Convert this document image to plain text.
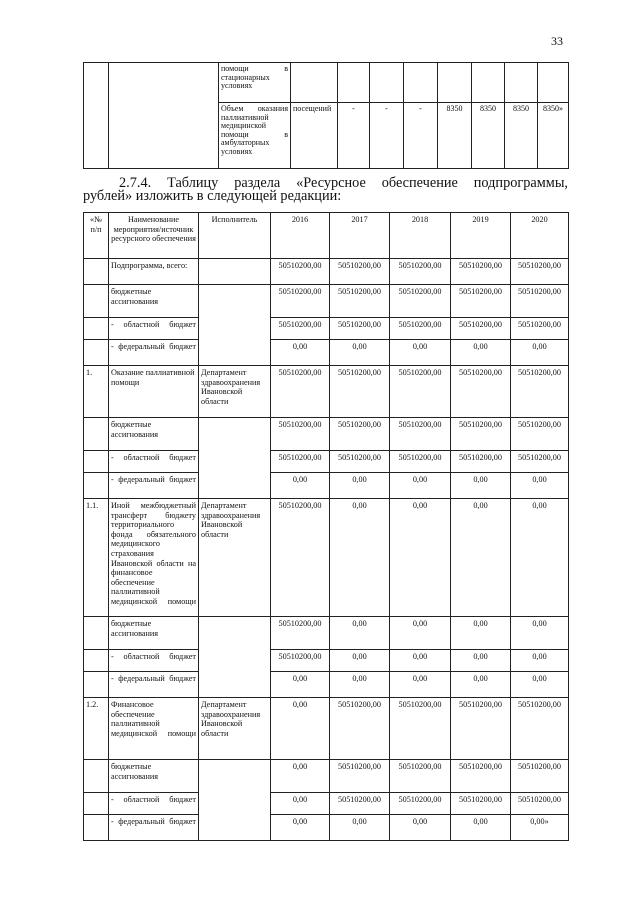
33
		помощи в стационарных условиях								
		Объем оказания паллиативной медицинской помощи в амбулаторных условиях	посещений	-	-	-	8350	8350	8350	8350»

2.7.4. Таблицу раздела «Ресурсное обеспечение подпрограммы,

рублей» изложить в следующей редакции:

«№ п/п	Наименование мероприятия/источник ресурсного обеспечения	Исполнитель	2016	2017	2018	2019	2020
	Подпрограмма, всего:		50510200,00	50510200,00	50510200,00	50510200,00	50510200,00
	бюджетные ассигнования		50510200,00	50510200,00	50510200,00	50510200,00	50510200,00
	- областной бюджет		50510200,00	50510200,00	50510200,00	50510200,00	50510200,00
	- федеральный бюджет		0,00	0,00	0,00	0,00	0,00
1.	Оказание паллиативной помощи	Департамент здравоохранения Ивановской области	50510200,00	50510200,00	50510200,00	50510200,00	50510200,00
	бюджетные ассигнования		50510200,00	50510200,00	50510200,00	50510200,00	50510200,00
	- областной бюджет		50510200,00	50510200,00	50510200,00	50510200,00	50510200,00
	- федеральный бюджет		0,00	0,00	0,00	0,00	0,00
1.1.	Иной межбюджетный трансферт бюджету территориального фонда обязательного медицинского страхования Ивановской области на финансовое обеспечение паллиативной медицинской помощи	Департамент здравоохранения Ивановской области	50510200,00	0,00	0,00	0,00	0,00
	бюджетные ассигнования		50510200,00	0,00	0,00	0,00	0,00
	- областной бюджет		50510200,00	0,00	0,00	0,00	0,00
	- федеральный бюджет		0,00	0,00	0,00	0,00	0,00
1.2.	Финансовое обеспечение паллиативной медицинской помощи	Департамент здравоохранения Ивановской области	0,00	50510200,00	50510200,00	50510200,00	50510200,00
	бюджетные ассигнования		0,00	50510200,00	50510200,00	50510200,00	50510200,00
	- областной бюджет		0,00	50510200,00	50510200,00	50510200,00	50510200,00
	- федеральный бюджет		0,00	0,00	0,00	0,00	0,00»
